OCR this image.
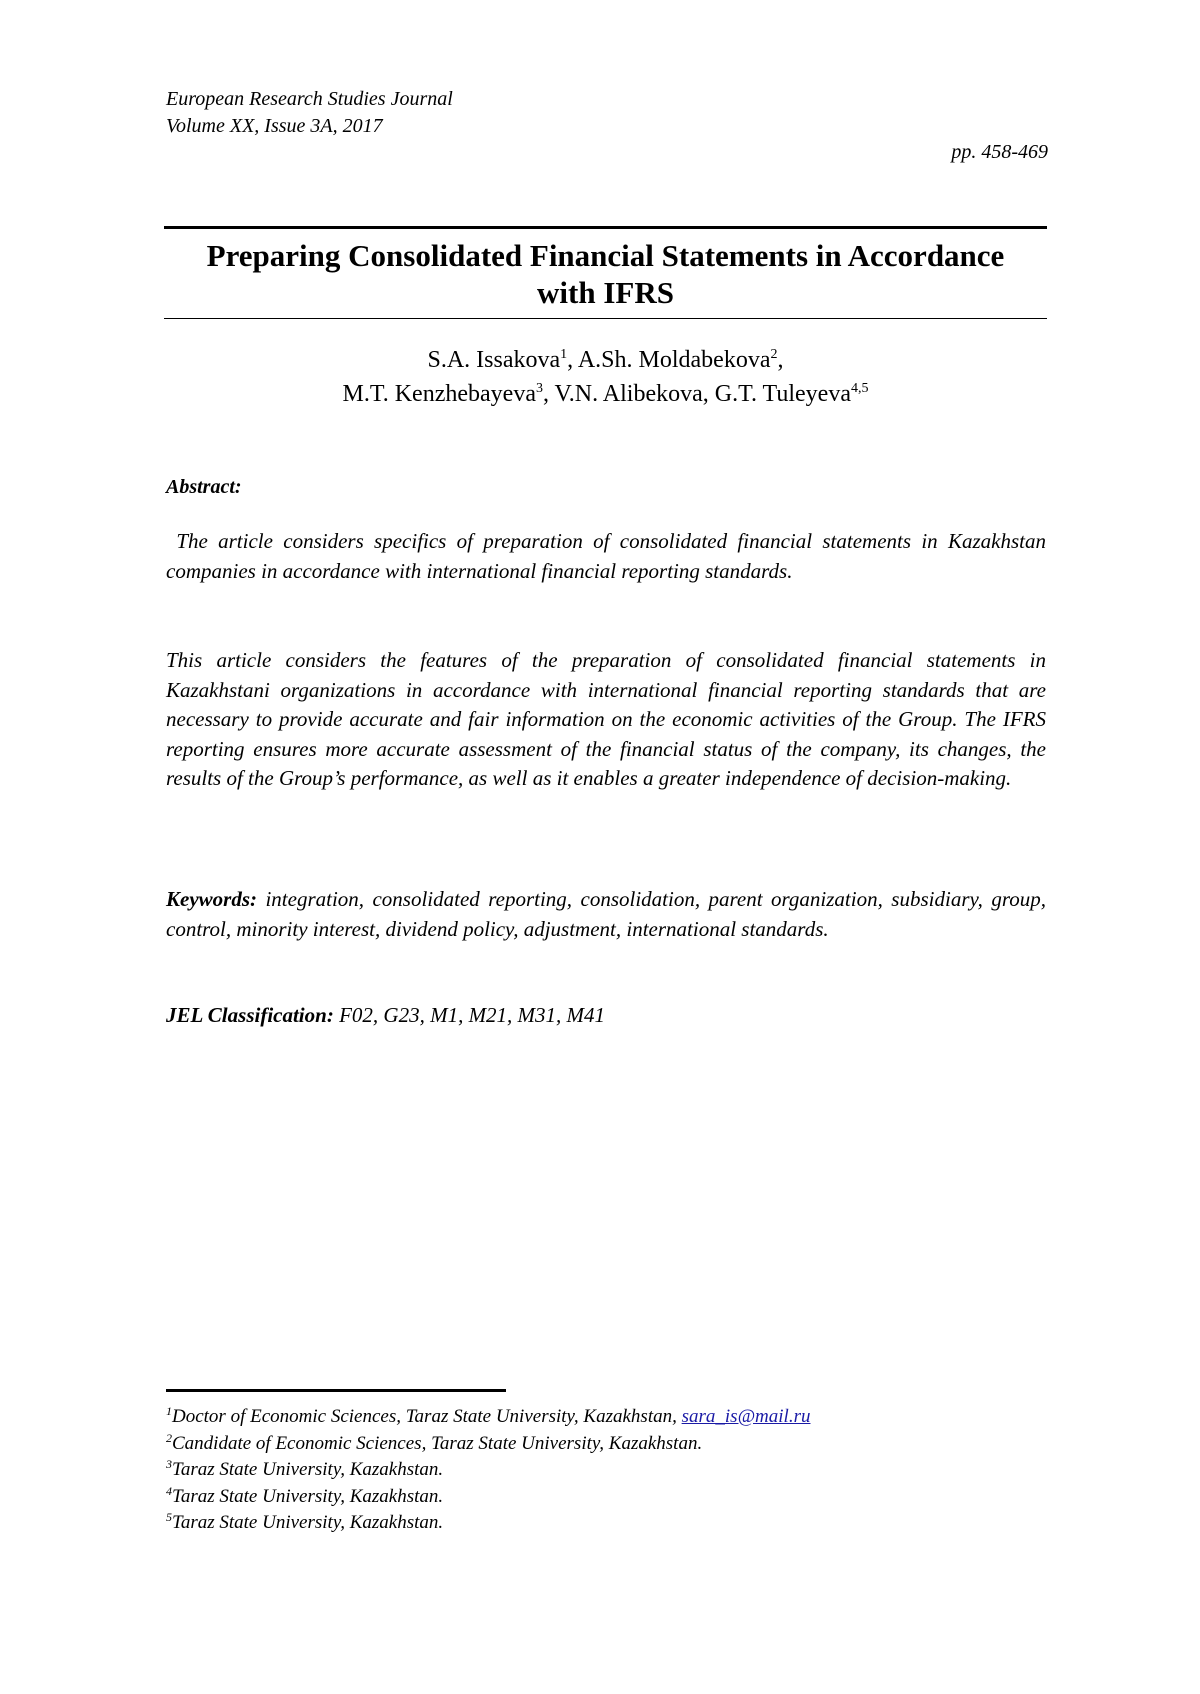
European Research Studies Journal
Volume XX, Issue 3A, 2017
pp. 458-469
Preparing Consolidated Financial Statements in Accordance
with IFRS
S.A. Issakova$^1$, A.Sh. Moldabekova$^2$,
M.T. Kenzhebayeva$^3$, V.N. Alibekova, G.T. Tuleyeva$^{4,5}$
Abstract:

The article considers specifics of preparation of consolidated financial statements in Kazakhstan companies in accordance with international financial reporting standards.

This article considers the features of the preparation of consolidated financial statements in Kazakhstani organizations in accordance with international financial reporting standards that are necessary to provide accurate and fair information on the economic activities of the Group. The IFRS reporting ensures more accurate assessment of the financial status of the company, its changes, the results of the Group’s performance, as well as it enables a greater independence of decision-making.

Keywords: integration, consolidated reporting, consolidation, parent organization, subsidiary, group, control, minority interest, dividend policy, adjustment, international standards.

JEL Classification: F02, G23, M1, M21, M31, M41

$^1$Doctor of Economic Sciences, Taraz State University, Kazakhstan, sara_is@mail.ru
$^2$Candidate of Economic Sciences, Taraz State University, Kazakhstan.
$^3$Taraz State University, Kazakhstan.
$^4$Taraz State University, Kazakhstan.
$^5$Taraz State University, Kazakhstan.
